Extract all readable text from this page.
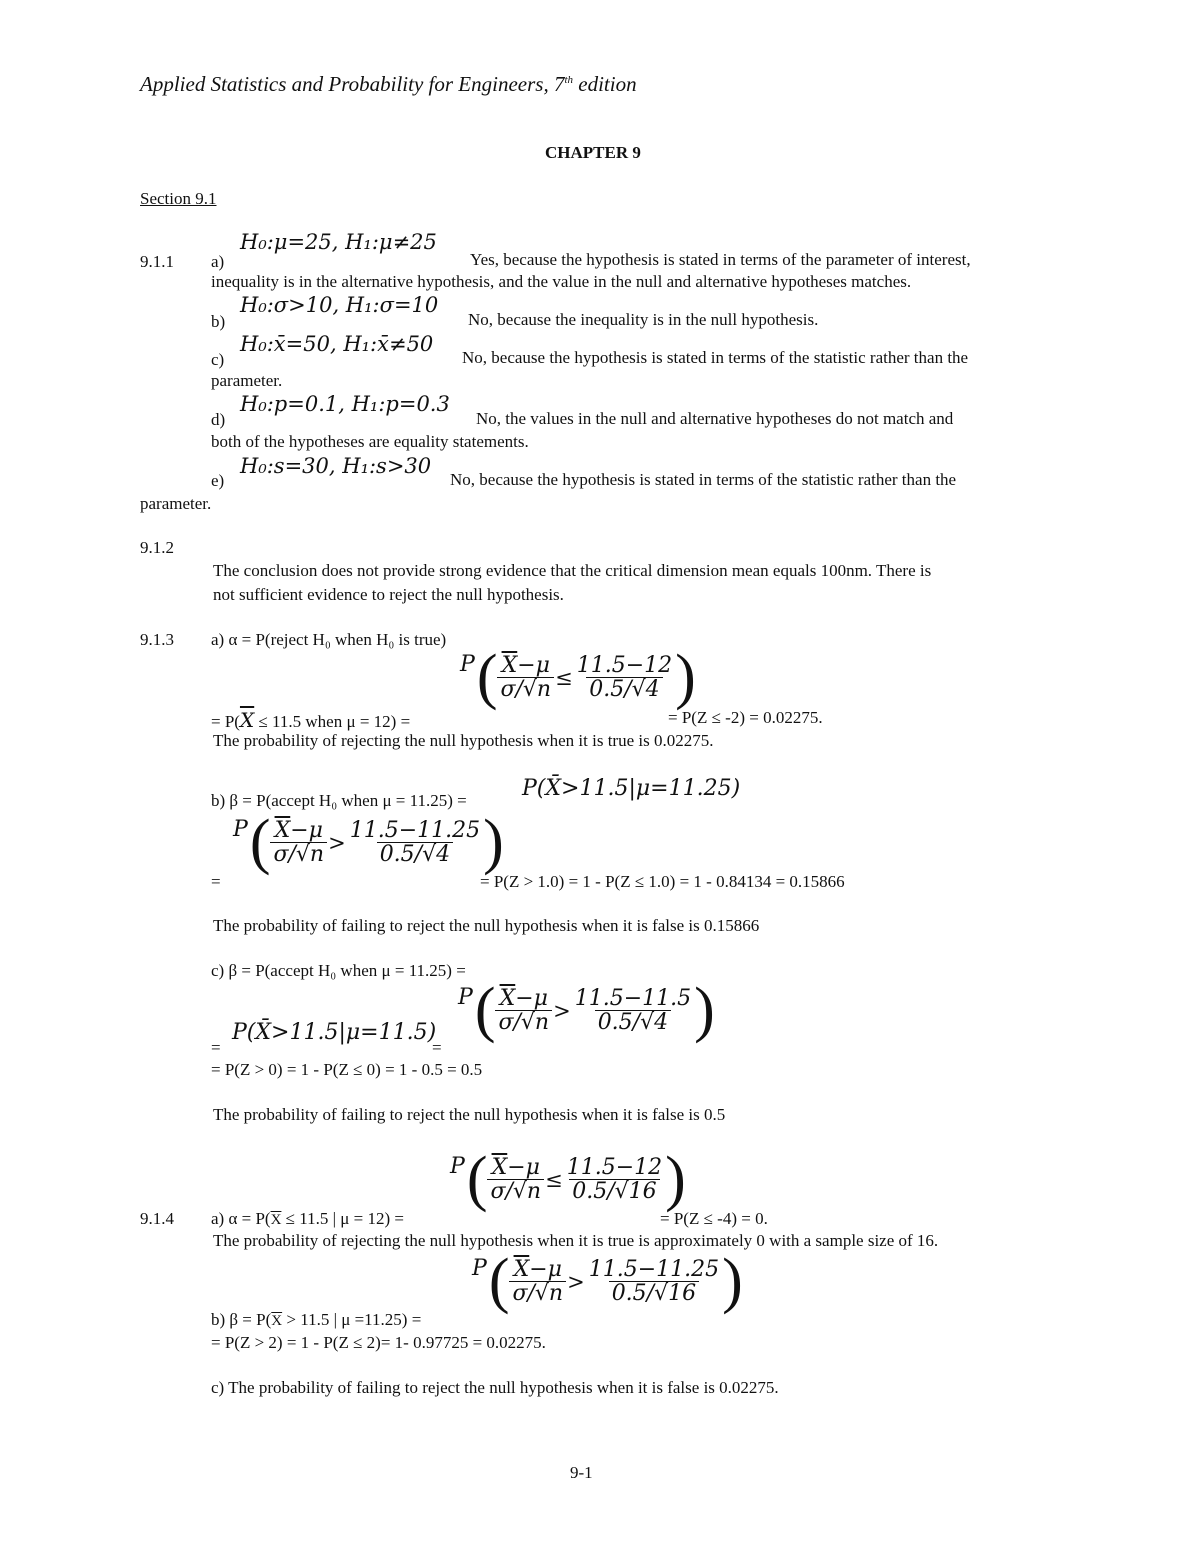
Applied Statistics and Probability for Engineers, 7th edition
CHAPTER 9
Section 9.1
9.1.1 a)
H₀:μ=25, H₁:μ≠25
Yes, because the hypothesis is stated in terms of the parameter of interest,
inequality is in the alternative hypothesis, and the value in the null and alternative hypotheses matches.
b)
H₀:σ>10, H₁:σ=10
No, because the inequality is in the null hypothesis.
c)
H₀:x̄=50, H₁:x̄≠50
No, because the hypothesis is stated in terms of the statistic rather than the
parameter.
d)
H₀:p=0.1, H₁:p=0.3
No, the values in the null and alternative hypotheses do not match and
both of the hypotheses are equality statements.
e)
H₀:s=30, H₁:s>30
No, because the hypothesis is stated in terms of the statistic rather than the
parameter.
9.1.2
The conclusion does not provide strong evidence that the critical dimension mean equals 100nm. There is
not sufficient evidence to reject the null hypothesis.
9.1.3 a) α = P(reject H₀ when H₀ is true)
P ( $\frac{\overline{X}-\mu}{\sigma/√n} \le \frac{11.5-12}{0.5/√4}$ )
= $P(\overline{X} \le 11.5$ when μ = 12) =	= P(Z ≤ -2) = 0.02275.
The probability of rejecting the null hypothesis when it is true is 0.02275.
b) β = P(accept H₀ when μ = 11.25) =	P(X̄>11.5|μ=11.25)
P ( $\frac{\overline{X}-\mu}{\sigma/√n} > \frac{11.5-11.25}{0.5/√4}$ )
=	= P(Z > 1.0) = 1 - P(Z ≤ 1.0) = 1 - 0.84134 = 0.15866
The probability of failing to reject the null hypothesis when it is false is 0.15866
c) β = P(accept H₀ when μ = 11.25) =
P ( $\frac{\overline{X}-\mu}{\sigma/√n} > \frac{11.5-11.5}{0.5/√4}$ )
=
P(X̄>11.5|μ=11.5)
=
= P(Z > 0) = 1 - P(Z ≤ 0) = 1 - 0.5 = 0.5
The probability of failing to reject the null hypothesis when it is false is 0.5
P ( $\frac{\overline{X}-\mu}{\sigma/√n} \le \frac{11.5-12}{0.5/√16}$ )
9.1.4 a) $\alpha = P(\overline{X} \le 11.5$ | μ = 12) =	= P(Z ≤ -4) = 0.
The probability of rejecting the null hypothesis when it is true is approximately 0 with a sample size of 16.
P ( $\frac{\overline{X}-\mu}{\sigma/√n} > \frac{11.5-11.25}{0.5/√16}$ )
b) $\beta = P(\overline{X} > 11.5$ | μ =11.25) =
= P(Z > 2) = 1 - P(Z ≤ 2)= 1- 0.97725 = 0.02275.
c) The probability of failing to reject the null hypothesis when it is false is 0.02275.
9-1
